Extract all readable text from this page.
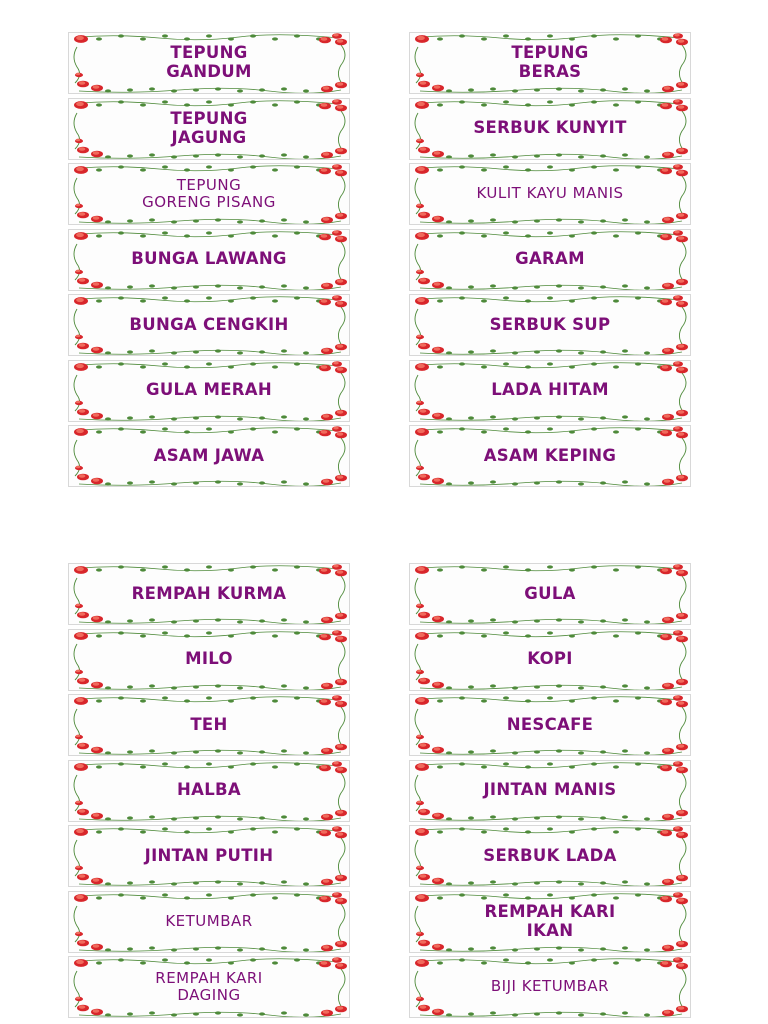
TEPUNG
GANDUM
TEPUNG
JAGUNG
TEPUNG
GORENG PISANG
BUNGA LAWANG
BUNGA CENGKIH
GULA MERAH
ASAM JAWA
TEPUNG
BERAS
SERBUK KUNYIT
KULIT KAYU MANIS
GARAM
SERBUK SUP
LADA HITAM
ASAM KEPING
REMPAH KURMA
MILO
TEH
HALBA
JINTAN PUTIH
KETUMBAR
REMPAH KARI
DAGING
GULA
KOPI
NESCAFE
JINTAN MANIS
SERBUK LADA
REMPAH KARI
IKAN
BIJI KETUMBAR
